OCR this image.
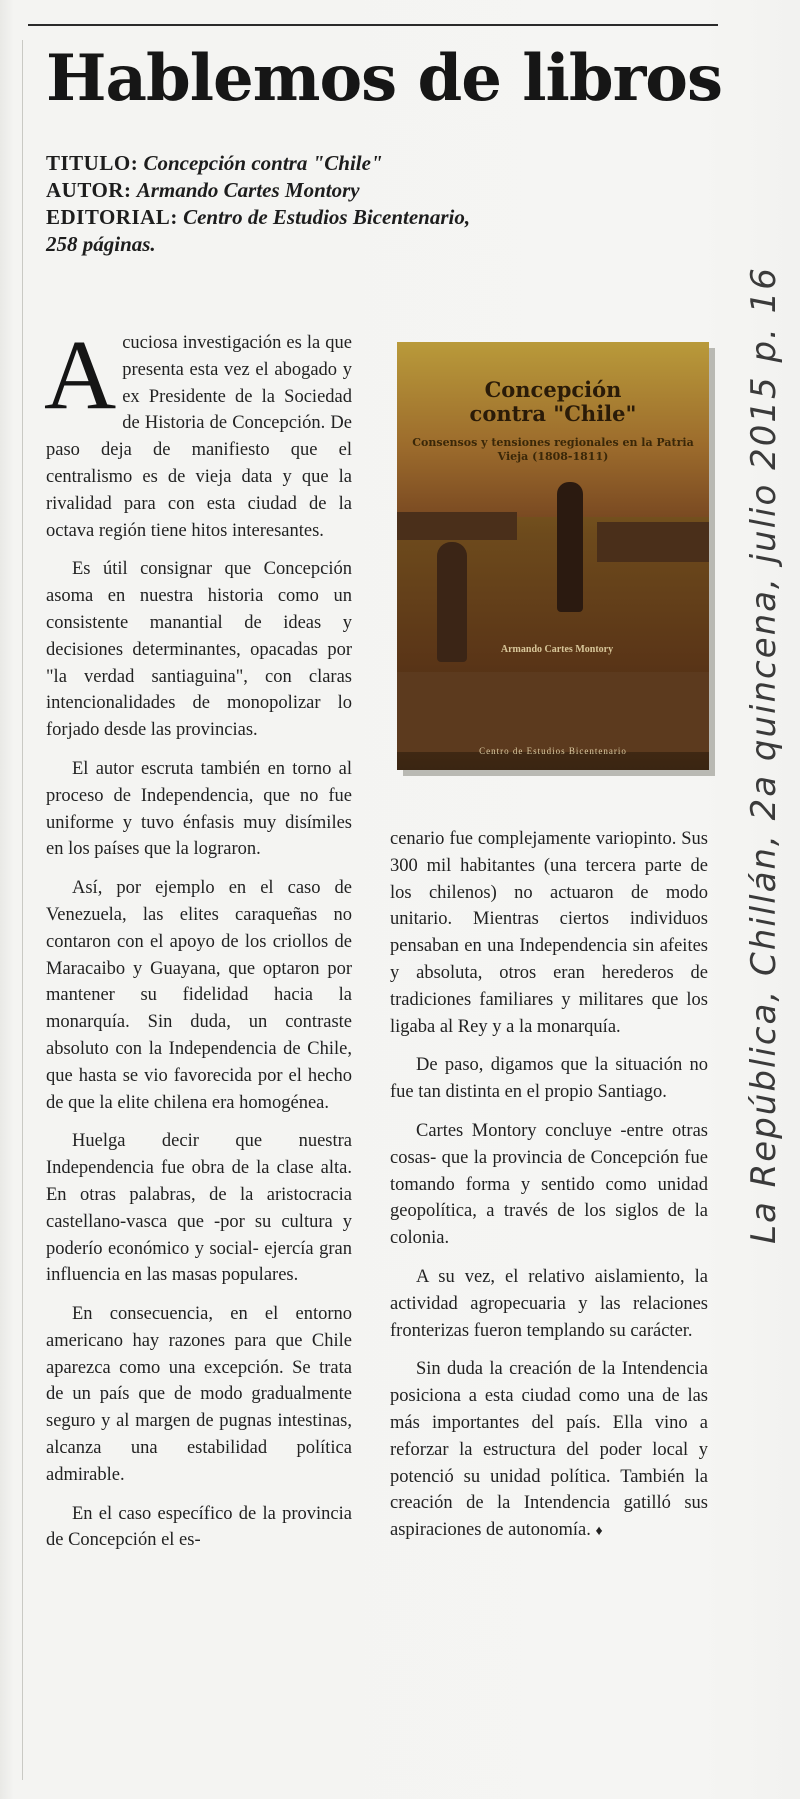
Hablemos de libros
TITULO: Concepción contra "Chile"
AUTOR: Armando Cartes Montory
EDITORIAL: Centro de Estudios Bicentenario,
258 páginas.

Acuciosa investigación es la que presenta esta vez el abogado y ex Presidente de la Sociedad de Historia de Concepción. De paso deja de manifiesto que el centralismo es de vieja data y que la rivalidad para con esta ciudad de la octava región tiene hitos interesantes.

Es útil consignar que Concepción asoma en nuestra historia como un consistente manantial de ideas y decisiones determinantes, opacadas por "la verdad santiaguina", con claras intencionalidades de monopolizar lo forjado desde las provincias.

El autor escruta también en torno al proceso de Independencia, que no fue uniforme y tuvo énfasis muy disímiles en los países que la lograron.

Así, por ejemplo en el caso de Venezuela, las elites caraqueñas no contaron con el apoyo de los criollos de Maracaibo y Guayana, que optaron por mantener su fidelidad hacia la monarquía. Sin duda, un contraste absoluto con la Independencia de Chile, que hasta se vio favorecida por el hecho de que la elite chilena era homogénea.

Huelga decir que nuestra Independencia fue obra de la clase alta. En otras palabras, de la aristocracia castellano-vasca que -por su cultura y poderío económico y social- ejercía gran influencia en las masas populares.

En consecuencia, en el entorno americano hay razones para que Chile aparezca como una excepción. Se trata de un país que de modo gradualmente seguro y al margen de pugnas intestinas, alcanza una estabilidad política admirable.

En el caso específico de la provincia de Concepción el es-

Concepción
contra "Chile"
Consensos y tensiones regionales en la Patria Vieja (1808-1811)
Armando Cartes Montory
Centro de Estudios Bicentenario

cenario fue complejamente variopinto. Sus 300 mil habitantes (una tercera parte de los chilenos) no actuaron de modo unitario. Mientras ciertos individuos pensaban en una Independencia sin afeites y absoluta, otros eran herederos de tradiciones familiares y militares que los ligaba al Rey y a la monarquía.

De paso, digamos que la situación no fue tan distinta en el propio Santiago.

Cartes Montory concluye -entre otras cosas- que la provincia de Concepción fue tomando forma y sentido como unidad geopolítica, a través de los siglos de la colonia.

A su vez, el relativo aislamiento, la actividad agropecuaria y las relaciones fronterizas fueron templando su carácter.

Sin duda la creación de la Intendencia posiciona a esta ciudad como una de las más importantes del país. Ella vino a reforzar la estructura del poder local y potenció su unidad política. También la creación de la Intendencia gatilló sus aspiraciones de autonomía. ♦

La República, Chillán, 2a quincena, julio 2015 p. 16
